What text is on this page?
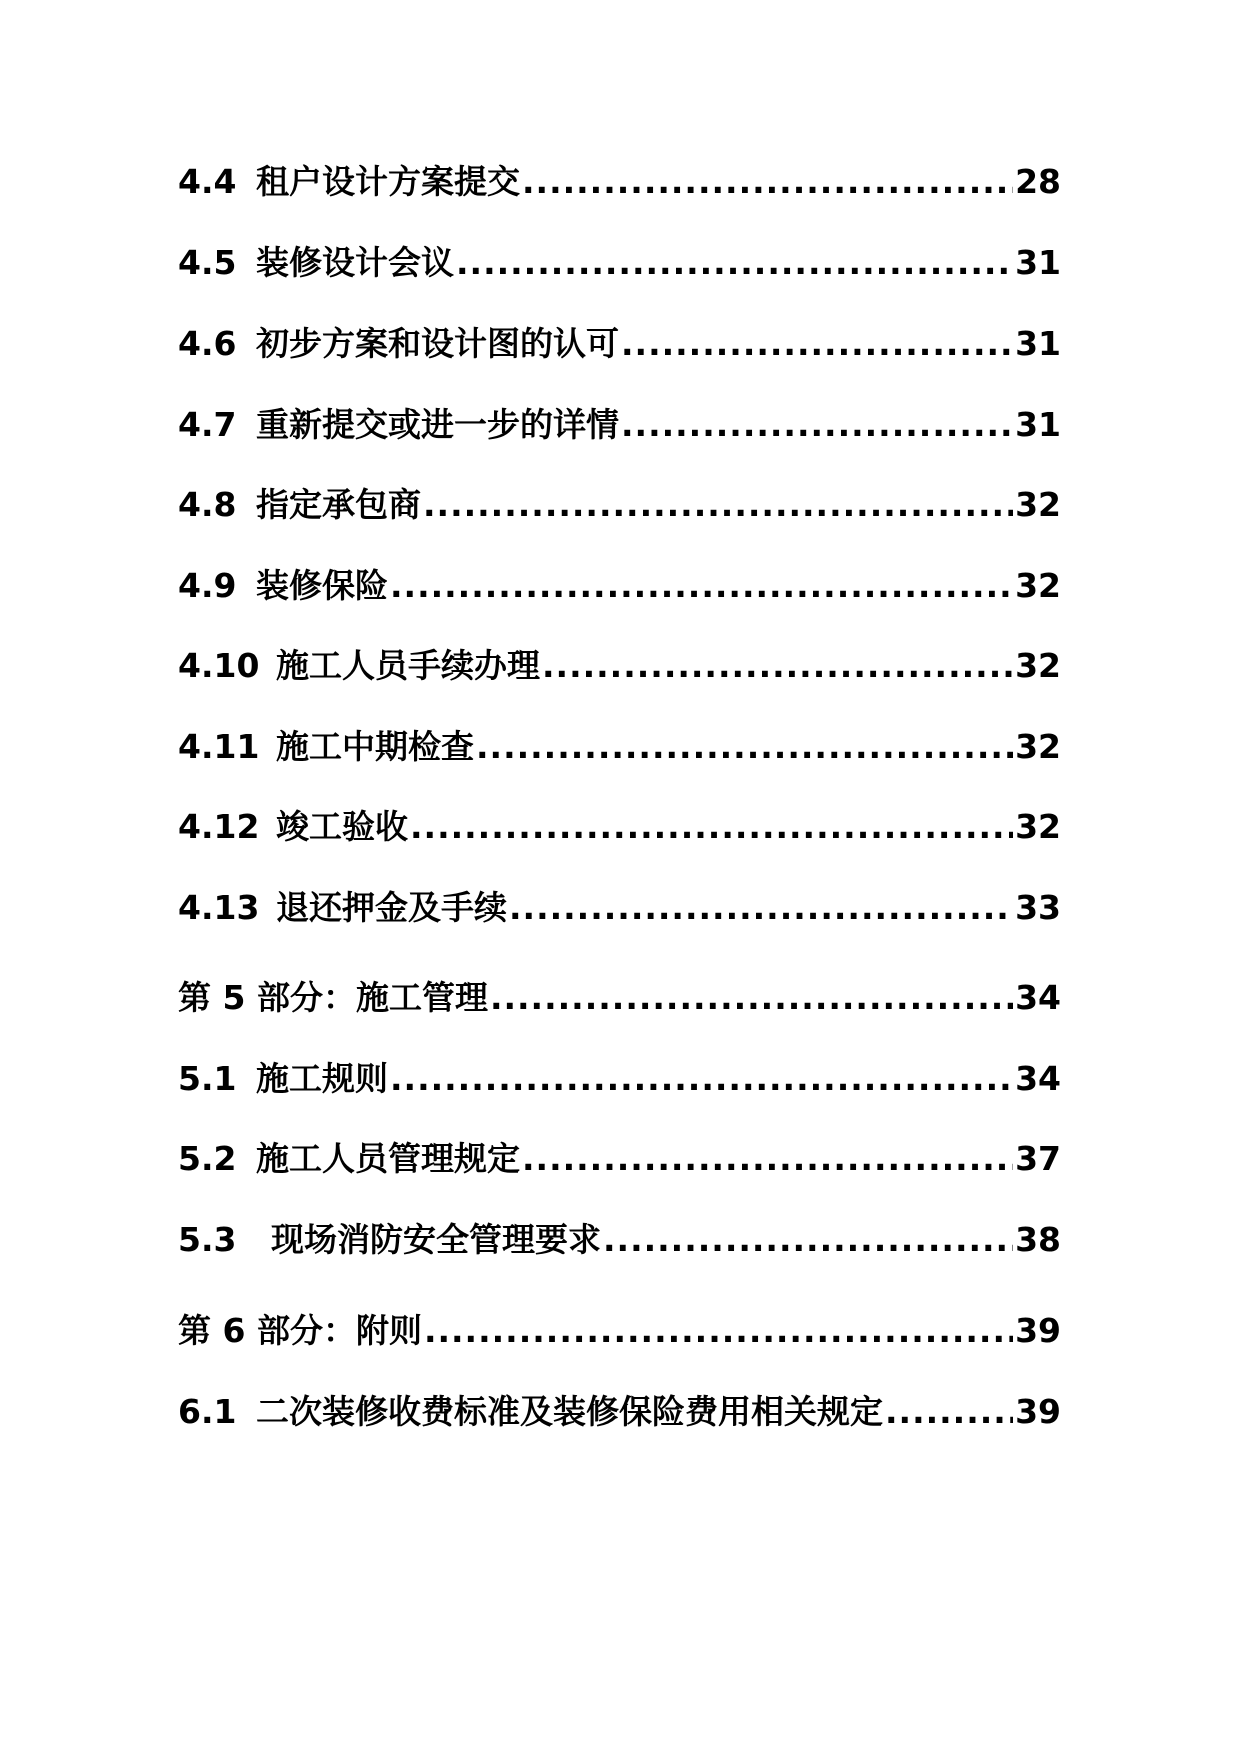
4.4 租户设计方案提交 .....	28
4.5 装修设计会议 .....	31
4.6 初步方案和设计图的认可 .....	31
4.7 重新提交或进一步的详情 .....	31
4.8 指定承包商 .....	32
4.9 装修保险 .....	32
4.10 施工人员手续办理 .....	32
4.11 施工中期检查 .....	32
4.12 竣工验收 .....	32
4.13 退还押金及手续 .....	33
第 5 部分： 施工管理 .....	34
5.1 施工规则 .....	34
5.2 施工人员管理规定 .....	37
5.3	现场消防安全管理要求 .....	38
第 6 部分： 附则 .....	39
6.1 二次装修收费标准及装修保险费用相关规定 .....	39
